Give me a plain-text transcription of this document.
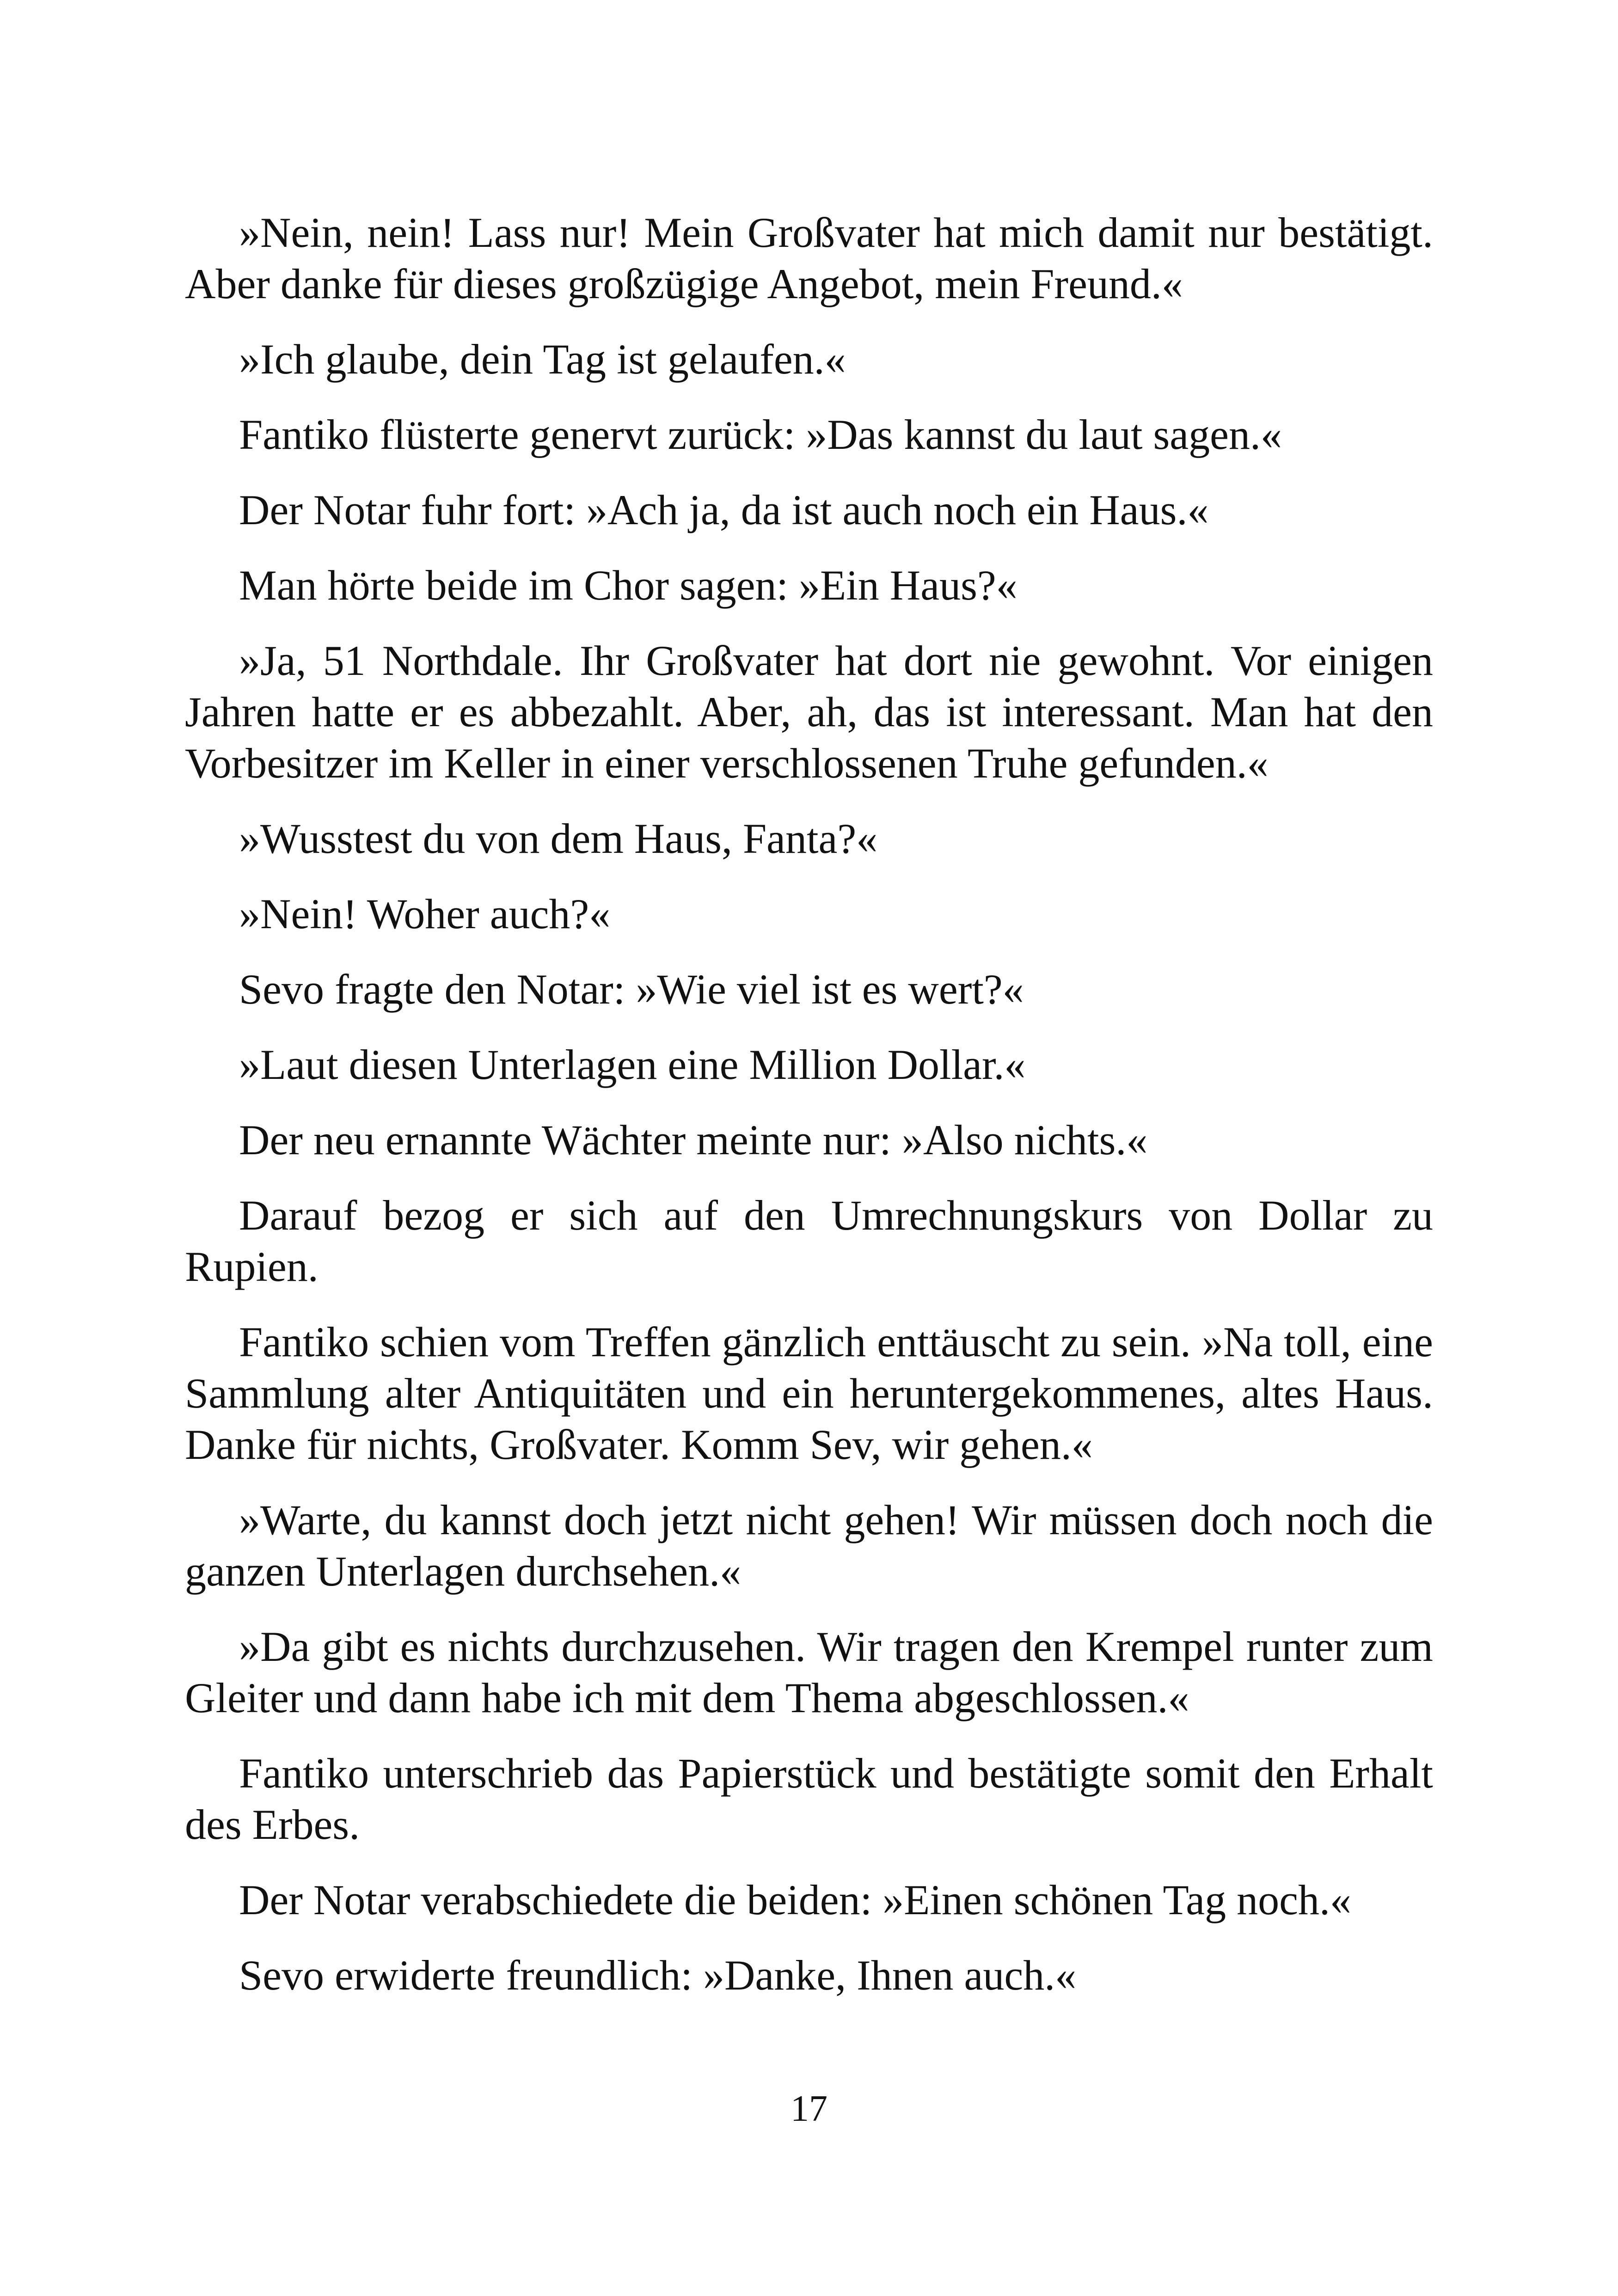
»Nein, nein! Lass nur! Mein Großvater hat mich damit nur bestätigt. Aber danke für dieses großzügige Angebot, mein Freund.«

»Ich glaube, dein Tag ist gelaufen.«

Fantiko flüsterte genervt zurück: »Das kannst du laut sagen.«

Der Notar fuhr fort: »Ach ja, da ist auch noch ein Haus.«

Man hörte beide im Chor sagen: »Ein Haus?«

»Ja, 51 Northdale. Ihr Großvater hat dort nie gewohnt. Vor einigen Jahren hatte er es abbezahlt. Aber, ah, das ist interessant. Man hat den Vorbesitzer im Keller in einer verschlossenen Truhe gefunden.«

»Wusstest du von dem Haus, Fanta?«

»Nein! Woher auch?«

Sevo fragte den Notar: »Wie viel ist es wert?«

»Laut diesen Unterlagen eine Million Dollar.«

Der neu ernannte Wächter meinte nur: »Also nichts.«

Darauf bezog er sich auf den Umrechnungskurs von Dollar zu Rupien.

Fantiko schien vom Treffen gänzlich enttäuscht zu sein. »Na toll, eine Sammlung alter Antiquitäten und ein heruntergekommenes, altes Haus. Danke für nichts, Großvater. Komm Sev, wir gehen.«

»Warte, du kannst doch jetzt nicht gehen! Wir müssen doch noch die ganzen Unterlagen durchsehen.«

»Da gibt es nichts durchzusehen. Wir tragen den Krempel runter zum Gleiter und dann habe ich mit dem Thema abgeschlossen.«

Fantiko unterschrieb das Papierstück und bestätigte somit den Erhalt des Erbes.

Der Notar verabschiedete die beiden: »Einen schönen Tag noch.«

Sevo erwiderte freundlich: »Danke, Ihnen auch.«

17
